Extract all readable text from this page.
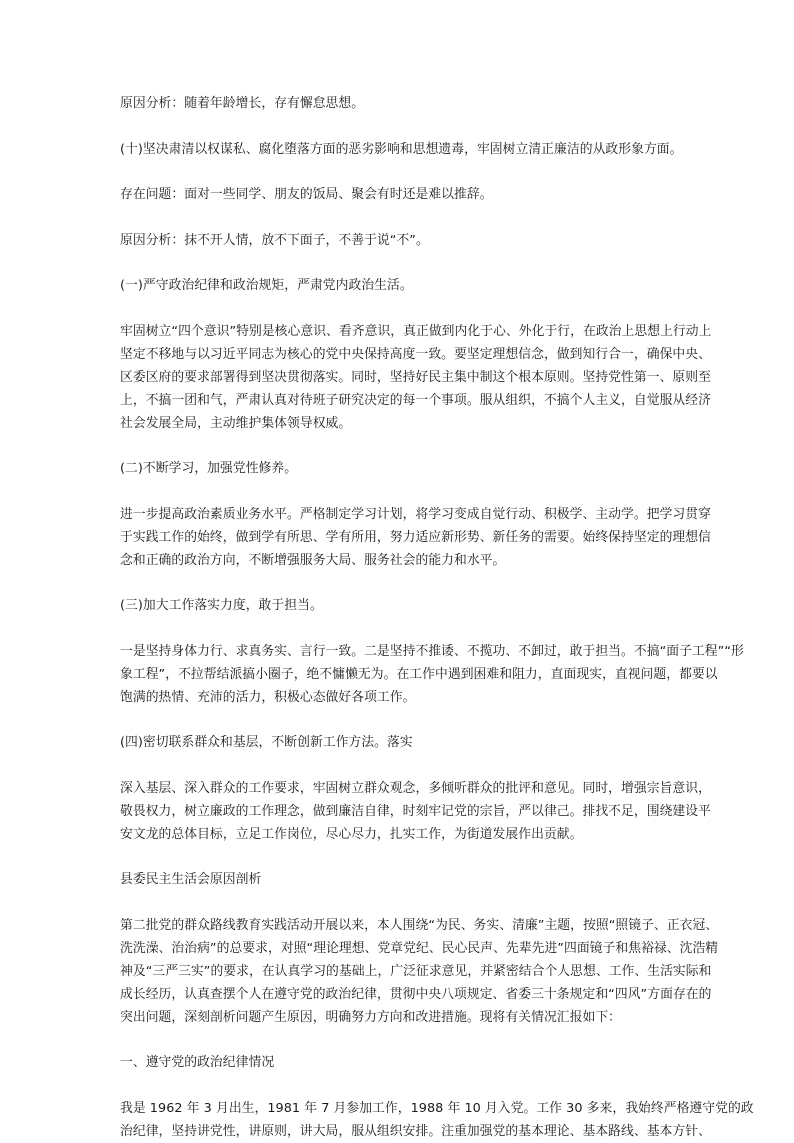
原因分析：随着年龄增长，存有懈怠思想。

(十)坚决肃清以权谋私、腐化堕落方面的恶劣影响和思想遗毒，牢固树立清正廉洁的从政形象方面。

存在问题：面对一些同学、朋友的饭局、聚会有时还是难以推辞。

原因分析：抹不开人情，放不下面子，不善于说“不”。

(一)严守政治纪律和政治规矩，严肃党内政治生活。

牢固树立“四个意识”特别是核心意识、看齐意识，真正做到内化于心、外化于行，在政治上思想上行动上
坚定不移地与以习近平同志为核心的党中央保持高度一致。要坚定理想信念，做到知行合一，确保中央、
区委区府的要求部署得到坚决贯彻落实。同时，坚持好民主集中制这个根本原则。坚持党性第一、原则至
上，不搞一团和气，严肃认真对待班子研究决定的每一个事项。服从组织，不搞个人主义，自觉服从经济
社会发展全局，主动维护集体领导权威。

(二)不断学习，加强党性修养。

进一步提高政治素质业务水平。严格制定学习计划，将学习变成自觉行动、积极学、主动学。把学习贯穿
于实践工作的始终，做到学有所思、学有所用，努力适应新形势、新任务的需要。始终保持坚定的理想信
念和正确的政治方向，不断增强服务大局、服务社会的能力和水平。

(三)加大工作落实力度，敢于担当。

一是坚持身体力行、求真务实、言行一致。二是坚持不推诿、不揽功、不卸过，敢于担当。不搞“面子工程”“形
象工程”，不拉帮结派搞小圈子，绝不慵懒无为。在工作中遇到困难和阻力，直面现实，直视问题，都要以
饱满的热情、充沛的活力，积极心态做好各项工作。

(四)密切联系群众和基层，不断创新工作方法。落实

深入基层、深入群众的工作要求，牢固树立群众观念，多倾听群众的批评和意见。同时，增强宗旨意识，
敬畏权力，树立廉政的工作理念，做到廉洁自律，时刻牢记党的宗旨，严以律己。排找不足，围绕建设平
安文龙的总体目标，立足工作岗位，尽心尽力，扎实工作，为街道发展作出贡献。

县委民主生活会原因剖析

第二批党的群众路线教育实践活动开展以来，本人围绕“为民、务实、清廉”主题，按照“照镜子、正衣冠、
洗洗澡、治治病”的总要求，对照“理论理想、党章党纪、民心民声、先辈先进”四面镜子和焦裕禄、沈浩精
神及“三严三实”的要求，在认真学习的基础上，广泛征求意见，并紧密结合个人思想、工作、生活实际和
成长经历，认真查摆个人在遵守党的政治纪律，贯彻中央八项规定、省委三十条规定和“四风”方面存在的
突出问题，深刻剖析问题产生原因，明确努力方向和改进措施。现将有关情况汇报如下：

一、遵守党的政治纪律情况

我是 1962 年 3 月出生，1981 年 7 月参加工作，1988 年 10 月入党。工作 30 多来，我始终严格遵守党的政
治纪律，坚持讲党性，讲原则，讲大局，服从组织安排。注重加强党的基本理论、基本路线、基本方针、
